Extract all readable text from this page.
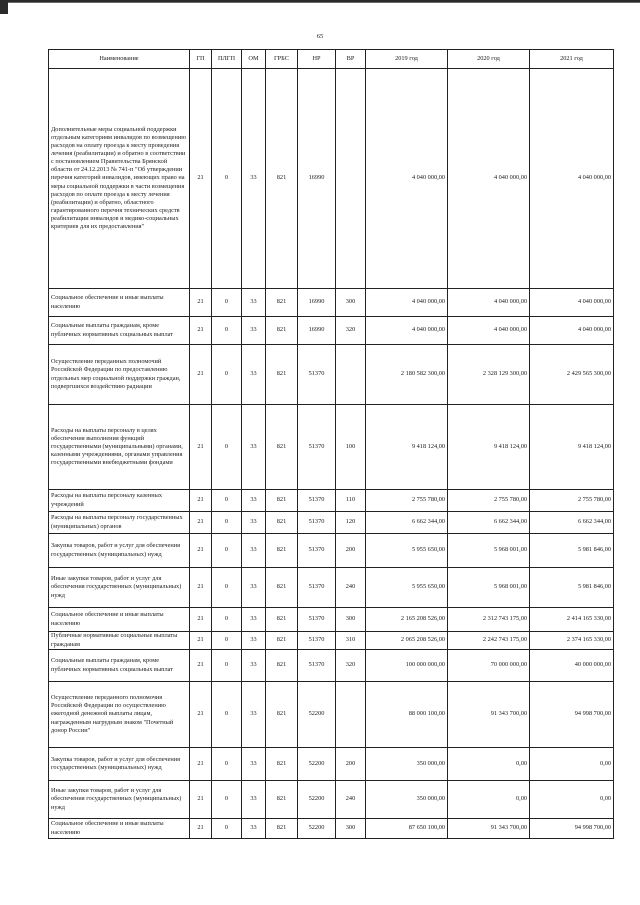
65
Наименование	ГП	ПЛГП	ОМ	ГРБС	НР	ВР	2019 год	2020 год	2021 год
Дополнительные меры социальной поддержки отдельным категориям инвалидов по возмещению расходов на оплату проезда к месту проведения лечения (реабилитации) и обратно в соответствии с постановлением Правительства Брянской области от 24.12.2013 № 741-п "Об утверждении перечня категорий инвалидов, имеющих право на меры социальной поддержки в части возмещения расходов по оплате проезда к месту лечения (реабилитации) и обратно, областного гарантированного перечня технических средств реабилитации инвалидов и медико-социальных критериев для их предоставления"	21	0	33	821	16990		4 040 000,00	4 040 000,00	4 040 000,00
Социальное обеспечение и иные выплаты населению	21	0	33	821	16990	300	4 040 000,00	4 040 000,00	4 040 000,00
Социальные выплаты гражданам, кроме публичных нормативных социальных выплат	21	0	33	821	16990	320	4 040 000,00	4 040 000,00	4 040 000,00
Осуществление переданных полномочий Российской Федерации по предоставлению отдельных мер социальной поддержки граждан, подвергшихся воздействию радиации	21	0	33	821	51370		2 180 582 300,00	2 328 129 300,00	2 429 565 300,00
Расходы на выплаты персоналу в целях обеспечения выполнения функций государственными (муниципальными) органами, казенными учреждениями, органами управления государственными внебюджетными фондами	21	0	33	821	51370	100	9 418 124,00	9 418 124,00	9 418 124,00
Расходы на выплаты персоналу казенных учреждений	21	0	33	821	51370	110	2 755 780,00	2 755 780,00	2 755 780,00
Расходы на выплаты персоналу государственных (муниципальных) органов	21	0	33	821	51370	120	6 662 344,00	6 662 344,00	6 662 344,00
Закупка товаров, работ и услуг для обеспечения государственных (муниципальных) нужд	21	0	33	821	51370	200	5 955 650,00	5 968 001,00	5 981 846,00
Иные закупки товаров, работ и услуг для обеспечения государственных (муниципальных) нужд	21	0	33	821	51370	240	5 955 650,00	5 968 001,00	5 981 846,00
Социальное обеспечение и иные выплаты населению	21	0	33	821	51370	300	2 165 208 526,00	2 312 743 175,00	2 414 165 330,00
Публичные нормативные социальные выплаты гражданам	21	0	33	821	51370	310	2 065 208 526,00	2 242 743 175,00	2 374 165 330,00
Социальные выплаты гражданам, кроме публичных нормативных социальных выплат	21	0	33	821	51370	320	100 000 000,00	70 000 000,00	40 000 000,00
Осуществление переданного полномочия Российской Федерации по осуществлению ежегодной денежной выплаты лицам, награжденным нагрудным знаком "Почетный донор России"	21	0	33	821	52200		88 000 100,00	91 343 700,00	94 998 700,00
Закупка товаров, работ и услуг для обеспечения государственных (муниципальных) нужд	21	0	33	821	52200	200	350 000,00	0,00	0,00
Иные закупки товаров, работ и услуг для обеспечения государственных (муниципальных) нужд	21	0	33	821	52200	240	350 000,00	0,00	0,00
Социальное обеспечение и иные выплаты населению	21	0	33	821	52200	300	87 650 100,00	91 343 700,00	94 998 700,00
